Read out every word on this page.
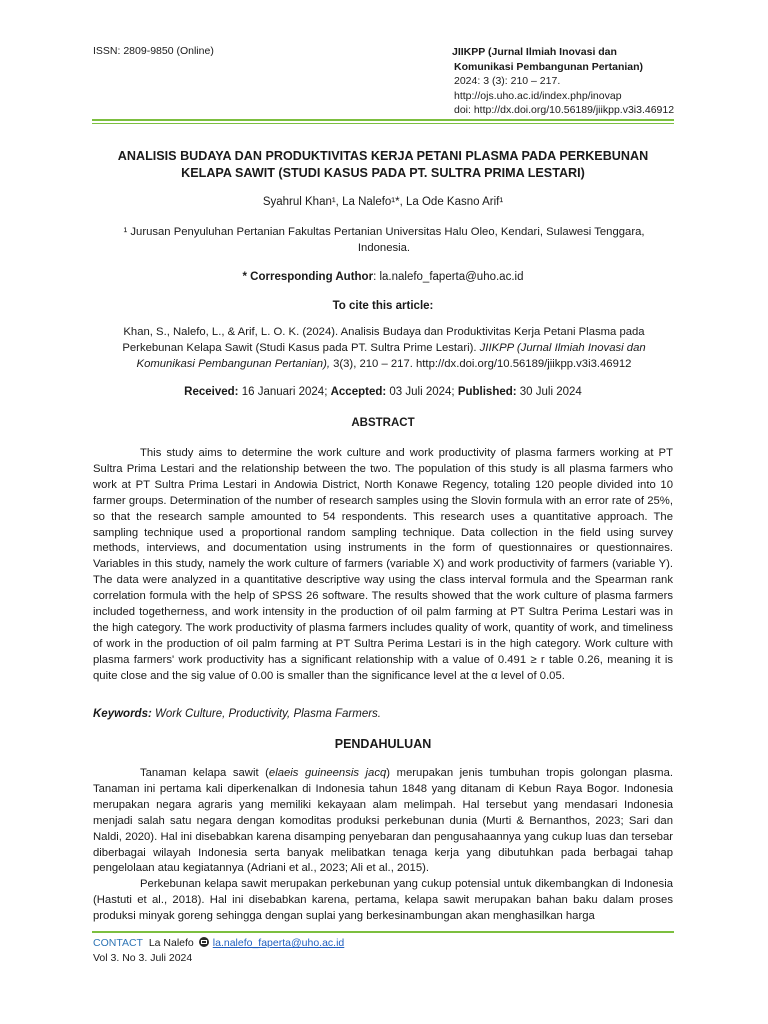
ISSN: 2809-9850 (Online)	JIIKPP (Jurnal Ilmiah Inovasi dan
Komunikasi Pembangunan Pertanian)
2024: 3 (3): 210 – 217.
http://ojs.uho.ac.id/index.php/inovap
doi: http://dx.doi.org/10.56189/jiikpp.v3i3.46912
ANALISIS BUDAYA DAN PRODUKTIVITAS KERJA PETANI PLASMA PADA PERKEBUNAN
KELAPA SAWIT (STUDI KASUS PADA PT. SULTRA PRIMA LESTARI)
Syahrul Khan¹, La Nalefo¹*, La Ode Kasno Arif¹
¹ Jurusan Penyuluhan Pertanian Fakultas Pertanian Universitas Halu Oleo, Kendari, Sulawesi Tenggara,
Indonesia.
* Corresponding Author: la.nalefo_faperta@uho.ac.id
To cite this article:
Khan, S., Nalefo, L., & Arif, L. O. K. (2024). Analisis Budaya dan Produktivitas Kerja Petani Plasma pada
Perkebunan Kelapa Sawit (Studi Kasus pada PT. Sultra Prime Lestari). JIIKPP (Jurnal Ilmiah Inovasi dan
Komunikasi Pembangunan Pertanian), 3(3), 210 – 217. http://dx.doi.org/10.56189/jiikpp.v3i3.46912
Received: 16 Januari 2024; Accepted: 03 Juli 2024; Published: 30 Juli 2024
ABSTRACT
This study aims to determine the work culture and work productivity of plasma farmers working at PT Sultra Prima Lestari and the relationship between the two. The population of this study is all plasma farmers who work at PT Sultra Prima Lestari in Andowia District, North Konawe Regency, totaling 120 people divided into 10 farmer groups. Determination of the number of research samples using the Slovin formula with an error rate of 25%, so that the research sample amounted to 54 respondents. This research uses a quantitative approach. The sampling technique used a proportional random sampling technique. Data collection in the field using survey methods, interviews, and documentation using instruments in the form of questionnaires or questionnaires. Variables in this study, namely the work culture of farmers (variable X) and work productivity of farmers (variable Y). The data were analyzed in a quantitative descriptive way using the class interval formula and the Spearman rank correlation formula with the help of SPSS 26 software. The results showed that the work culture of plasma farmers included togetherness, and work intensity in the production of oil palm farming at PT Sultra Perima Lestari was in the high category. The work productivity of plasma farmers includes quality of work, quantity of work, and timeliness of work in the production of oil palm farming at PT Sultra Perima Lestari is in the high category. Work culture with plasma farmers' work productivity has a significant relationship with a value of 0.491 ≥ r table 0.26, meaning it is quite close and the sig value of 0.00 is smaller than the significance level at the α level of 0.05.
Keywords: Work Culture, Productivity, Plasma Farmers.
PENDAHULUAN

Tanaman kelapa sawit (elaeis guineensis jacq) merupakan jenis tumbuhan tropis golongan plasma. Tanaman ini pertama kali diperkenalkan di Indonesia tahun 1848 yang ditanam di Kebun Raya Bogor. Indonesia merupakan negara agraris yang memiliki kekayaan alam melimpah. Hal tersebut yang mendasari Indonesia menjadi salah satu negara dengan komoditas produksi perkebunan dunia (Murti & Bernanthos, 2023; Sari dan Naldi, 2020). Hal ini disebabkan karena disamping penyebaran dan pengusahaannya yang cukup luas dan tersebar diberbagai wilayah Indonesia serta banyak melibatkan tenaga kerja yang dibutuhkan pada berbagai tahap pengelolaan atau kegiatannya (Adriani et al., 2023; Ali et al., 2015).

Perkebunan kelapa sawit merupakan perkebunan yang cukup potensial untuk dikembangkan di Indonesia (Hastuti et al., 2018). Hal ini disebabkan karena, pertama, kelapa sawit merupakan bahan baku dalam proses produksi minyak goreng sehingga dengan suplai yang berkesinambungan akan menghasilkan harga

CONTACT La Nalefo la.nalefo_faperta@uho.ac.id
Vol 3. No 3. Juli 2024
